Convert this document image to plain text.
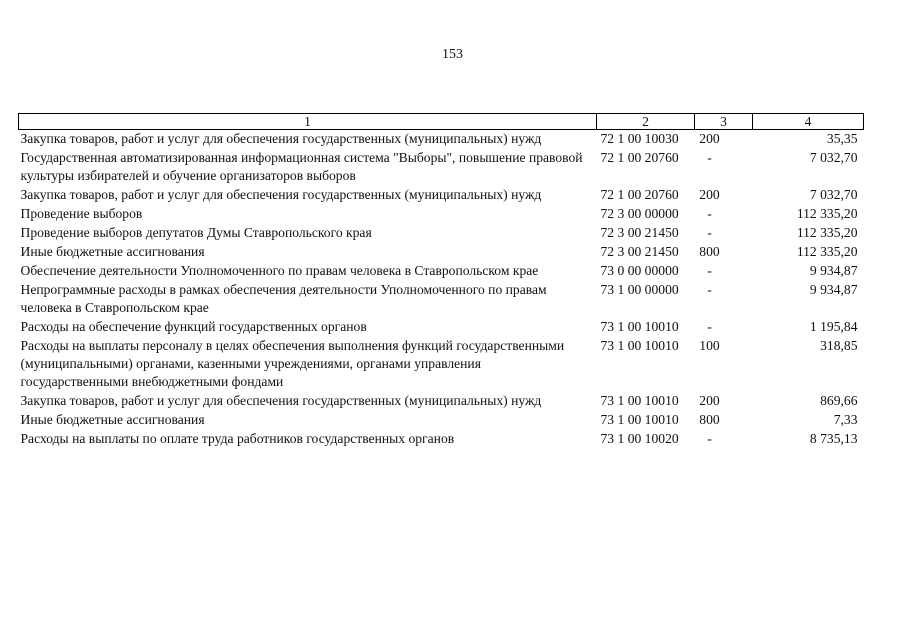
153
1	2	3	4
Закупка товаров, работ и услуг для обеспечения государственных (муниципальных) нужд	72 1 00 10030	200	35,35
Государственная автоматизированная информационная система "Выборы", повышение правовой культуры избирателей и обучение организаторов выборов	72 1 00 20760	-	7 032,70
Закупка товаров, работ и услуг для обеспечения государственных (муниципальных) нужд	72 1 00 20760	200	7 032,70
Проведение выборов	72 3 00 00000	-	112 335,20
Проведение выборов депутатов Думы Ставропольского края	72 3 00 21450	-	112 335,20
Иные бюджетные ассигнования	72 3 00 21450	800	112 335,20
Обеспечение деятельности Уполномоченного по правам человека в Ставропольском крае	73 0 00 00000	-	9 934,87
Непрограммные расходы в рамках обеспечения деятельности Уполномоченного по правам человека в Ставропольском крае	73 1 00 00000	-	9 934,87
Расходы на обеспечение функций государственных органов	73 1 00 10010	-	1 195,84
Расходы на выплаты персоналу в целях обеспечения выполнения функций государственными (муниципальными) органами, казенными учреждениями, органами управления государственными внебюджетными фондами	73 1 00 10010	100	318,85
Закупка товаров, работ и услуг для обеспечения государственных (муниципальных) нужд	73 1 00 10010	200	869,66
Иные бюджетные ассигнования	73 1 00 10010	800	7,33
Расходы на выплаты по оплате труда работников государственных органов	73 1 00 10020	-	8 735,13
